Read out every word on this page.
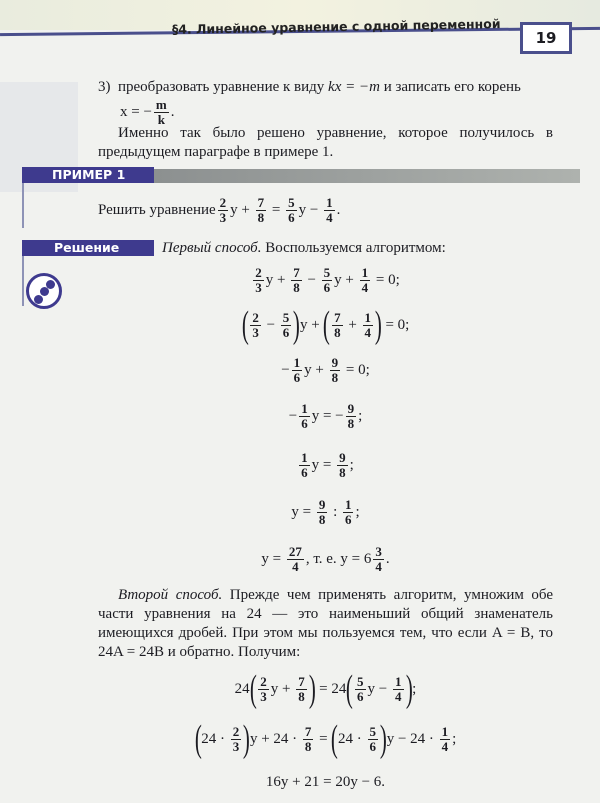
§4. Линейное уравнение с одной переменной
19
3) преобразовать уравнение к виду kx = −m и записать его корень
x = − $\frac{m}{k}$ .
Именно так было решено уравнение, которое получилось в предыдущем параграфе в примере 1.
ПРИМЕР 1
Решить уравнение $\frac{2}{3}$ $y + \frac{7}{8} = \frac{5}{6}$ $y - \frac{1}{4}$ .
Решение	Первый способ. Воспользуемся алгоритмом:
$\frac{2}{3}$ $y + \frac{7}{8} - \frac{5}{6}$ $y + \frac{1}{4} = 0$;
( $\frac{2}{3} - \frac{5}{6}$ ) y + ( $\frac{7}{8} + \frac{1}{4}$ ) = 0;
− $\frac{1}{6}$ $y + \frac{9}{8} = 0$;
− $\frac{1}{6}$ y = − $\frac{9}{8}$ ;
$\frac{1}{6}$ $y = \frac{9}{8}$ ;
$y = \frac{9}{8}$ : $\frac{1}{6}$ ;
$y = \frac{27}{4}$ , т. е. $y = 6 \frac{3}{4}$ .
Второй способ. Прежде чем применять алгоритм, умножим обе части уравнения на 24 — это наименьший общий знаменатель имеющихся дробей. При этом мы пользуемся тем, что если A = B, то 24A = 24B и обратно. Получим:
24 ( $\frac{2}{3}$ $y + \frac{7}{8}$ ) = 24 ( $\frac{5}{6}$ $y - \frac{1}{4}$ ) ;
( $24 \cdot \frac{2}{3}$ ) $y + 24 \cdot \frac{7}{8}$ = ( $24 \cdot \frac{5}{6}$ ) $y - 24 \cdot \frac{1}{4}$ ;
16y + 21 = 20y − 6.
